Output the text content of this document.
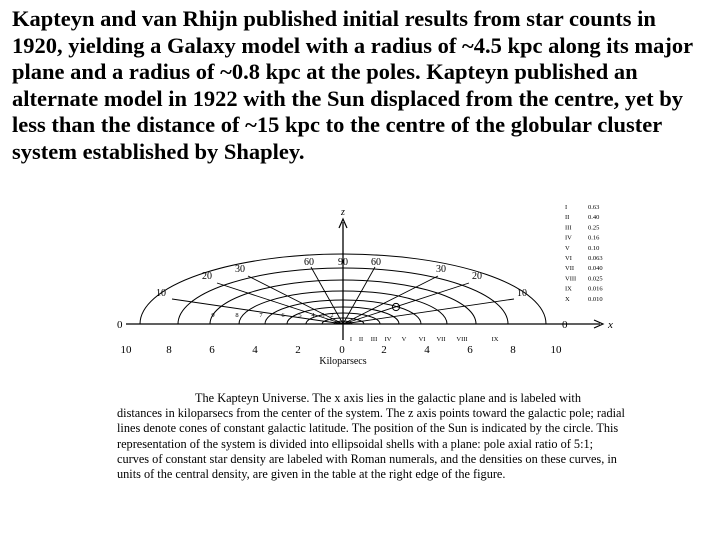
Kapteyn and van Rhijn published initial results from star counts in 1920, yielding a Galaxy model with a radius of ~4.5 kpc along its major plane and a radius of ~0.8 kpc at the poles. Kapteyn published an alternate model in 1922 with the Sun displaced from the centre, yet by less than the distance of ~15 kpc to the centre of the globular cluster system established by Shapley.

z
x
0	0
10	8	6	4	2	0	2	4	6	8	10
Kiloparsecs
60 90 60
30	30
20	20
10	10
9	8	7	6 5 4 3 2
I II III IV V VI VII VIII	IX
I	0.63
II	0.40
III	0.25
IV 0.16
V	0.10
VI 0.063
VII 0.040
VIII 0.025
IX 0.016
X	0.010

The Kapteyn Universe. The x axis lies in the galactic plane and is labeled with distances in kiloparsecs from the center of the system. The z axis points toward the galactic pole; radial lines denote cones of constant galactic latitude. The position of the Sun is indicated by the circle. This representation of the system is divided into ellipsoidal shells with a plane: pole axial ratio of 5:1; curves of constant star density are labeled with Roman numerals, and the densities on these curves, in units of the central density, are given in the table at the right edge of the figure.
